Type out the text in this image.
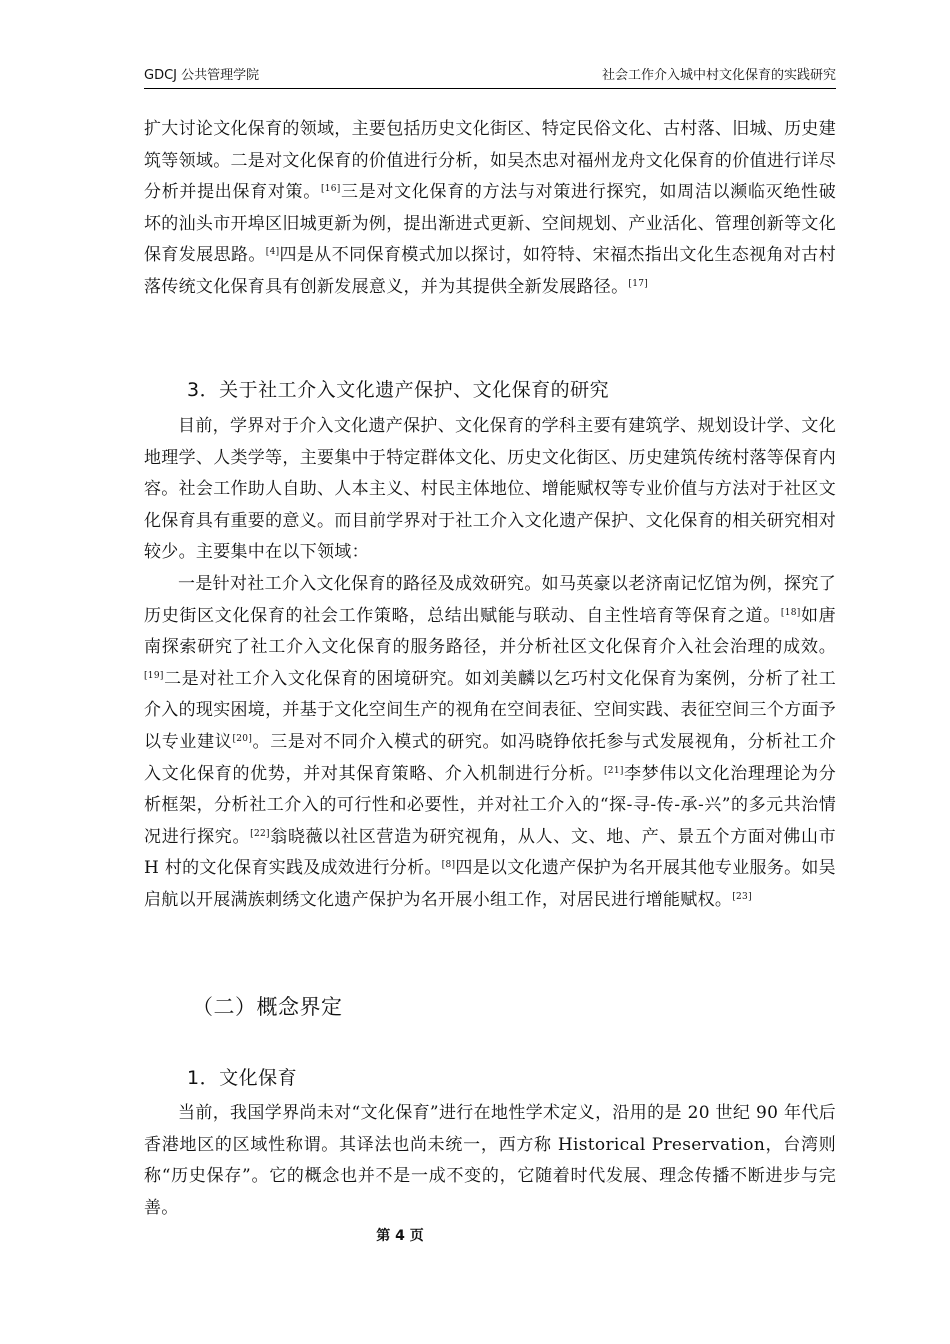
GDCJ 公共管理学院	社会工作介入城中村文化保育的实践研究

扩大讨论文化保育的领域，主要包括历史文化街区、特定民俗文化、古村落、旧城、历史建筑等领域。二是对文化保育的价值进行分析，如吴杰忠对福州龙舟文化保育的价值进行详尽分析并提出保育对策。[16]三是对文化保育的方法与对策进行探究，如周洁以濒临灭绝性破坏的汕头市开埠区旧城更新为例，提出渐进式更新、空间规划、产业活化、管理创新等文化保育发展思路。[4]四是从不同保育模式加以探讨，如符特、宋福杰指出文化生态视角对古村落传统文化保育具有创新发展意义，并为其提供全新发展路径。[17]

3．关于社工介入文化遗产保护、文化保育的研究

目前，学界对于介入文化遗产保护、文化保育的学科主要有建筑学、规划设计学、文化地理学、人类学等，主要集中于特定群体文化、历史文化街区、历史建筑传统村落等保育内容。社会工作助人自助、人本主义、村民主体地位、增能赋权等专业价值与方法对于社区文化保育具有重要的意义。而目前学界对于社工介入文化遗产保护、文化保育的相关研究相对较少。主要集中在以下领域：

一是针对社工介入文化保育的路径及成效研究。如马英豪以老济南记忆馆为例，探究了历史街区文化保育的社会工作策略，总结出赋能与联动、自主性培育等保育之道。[18]如唐南探索研究了社工介入文化保育的服务路径，并分析社区文化保育介入社会治理的成效。[19]二是对社工介入文化保育的困境研究。如刘美麟以乞巧村文化保育为案例，分析了社工介入的现实困境，并基于文化空间生产的视角在空间表征、空间实践、表征空间三个方面予以专业建议[20]。三是对不同介入模式的研究。如冯晓铮依托参与式发展视角，分析社工介入文化保育的优势，并对其保育策略、介入机制进行分析。[21]李梦伟以文化治理理论为分析框架，分析社工介入的可行性和必要性，并对社工介入的“探-寻-传-承-兴”的多元共治情况进行探究。[22]翁晓薇以社区营造为研究视角，从人、文、地、产、景五个方面对佛山市 H 村的文化保育实践及成效进行分析。[8]四是以文化遗产保护为名开展其他专业服务。如吴启航以开展满族刺绣文化遗产保护为名开展小组工作，对居民进行增能赋权。[23]

（二）概念界定
1．文化保育

当前，我国学界尚未对“文化保育”进行在地性学术定义，沿用的是 20 世纪 90 年代后香港地区的区域性称谓。其译法也尚未统一，西方称 Historical Preservation，台湾则称“历史保存”。它的概念也并不是一成不变的，它随着时代发展、理念传播不断进步与完善。

第 4 页
